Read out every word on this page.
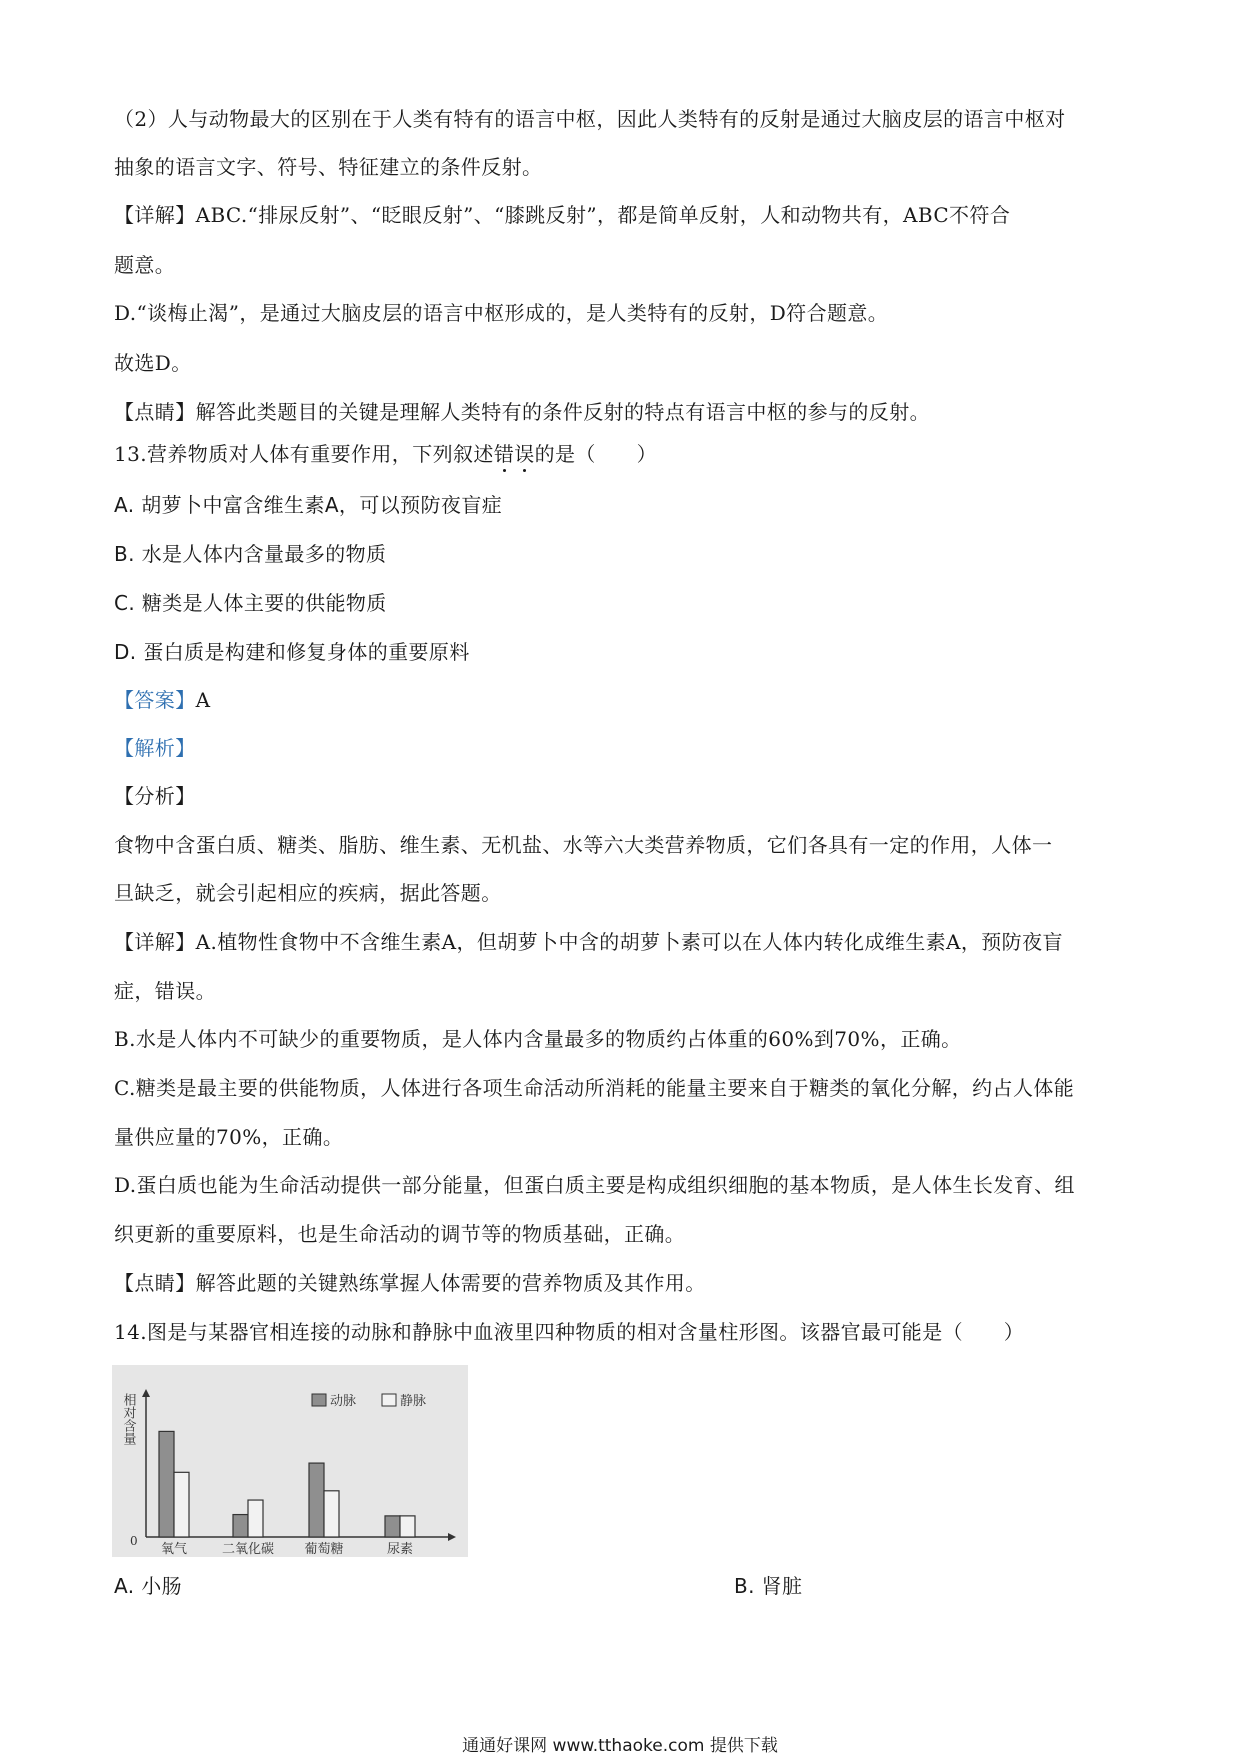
（2）人与动物最大的区别在于人类有特有的语言中枢，因此人类特有的反射是通过大脑皮层的语言中枢对
抽象的语言文字、符号、特征建立的条件反射。
【详解】ABC.“排尿反射”、“眨眼反射”、“膝跳反射”，都是简单反射，人和动物共有，ABC不符合
题意。
D.“谈梅止渴”，是通过大脑皮层的语言中枢形成的，是人类特有的反射，D符合题意。
故选D。
【点睛】解答此类题目的关键是理解人类特有的条件反射的特点有语言中枢的参与的反射。
13.营养物质对人体有重要作用，下列叙述错误的是（　　）
A. 胡萝卜中富含维生素A，可以预防夜盲症
B. 水是人体内含量最多的物质
C. 糖类是人体主要的供能物质
D. 蛋白质是构建和修复身体的重要原料
【答案】A
【解析】
【分析】
食物中含蛋白质、糖类、脂肪、维生素、无机盐、水等六大类营养物质，它们各具有一定的作用，人体一
旦缺乏，就会引起相应的疾病，据此答题。
【详解】A.植物性食物中不含维生素A，但胡萝卜中含的胡萝卜素可以在人体内转化成维生素A，预防夜盲
症，错误。
B.水是人体内不可缺少的重要物质，是人体内含量最多的物质约占体重的60%到70%，正确。
C.糖类是最主要的供能物质，人体进行各项生命活动所消耗的能量主要来自于糖类的氧化分解，约占人体能
量供应量的70%，正确。
D.蛋白质也能为生命活动提供一部分能量，但蛋白质主要是构成组织细胞的基本物质，是人体生长发育、组
织更新的重要原料，也是生命活动的调节等的物质基础，正确。
【点睛】解答此题的关键熟练掌握人体需要的营养物质及其作用。
14.图是与某器官相连接的动脉和静脉中血液里四种物质的相对含量柱形图。该器官最可能是（　　）
相对含量
0
动脉	静脉
氧气	二氧化碳 葡萄糖	尿素
A. 小肠	B. 肾脏
通通好课网 www.tthaoke.com 提供下载
